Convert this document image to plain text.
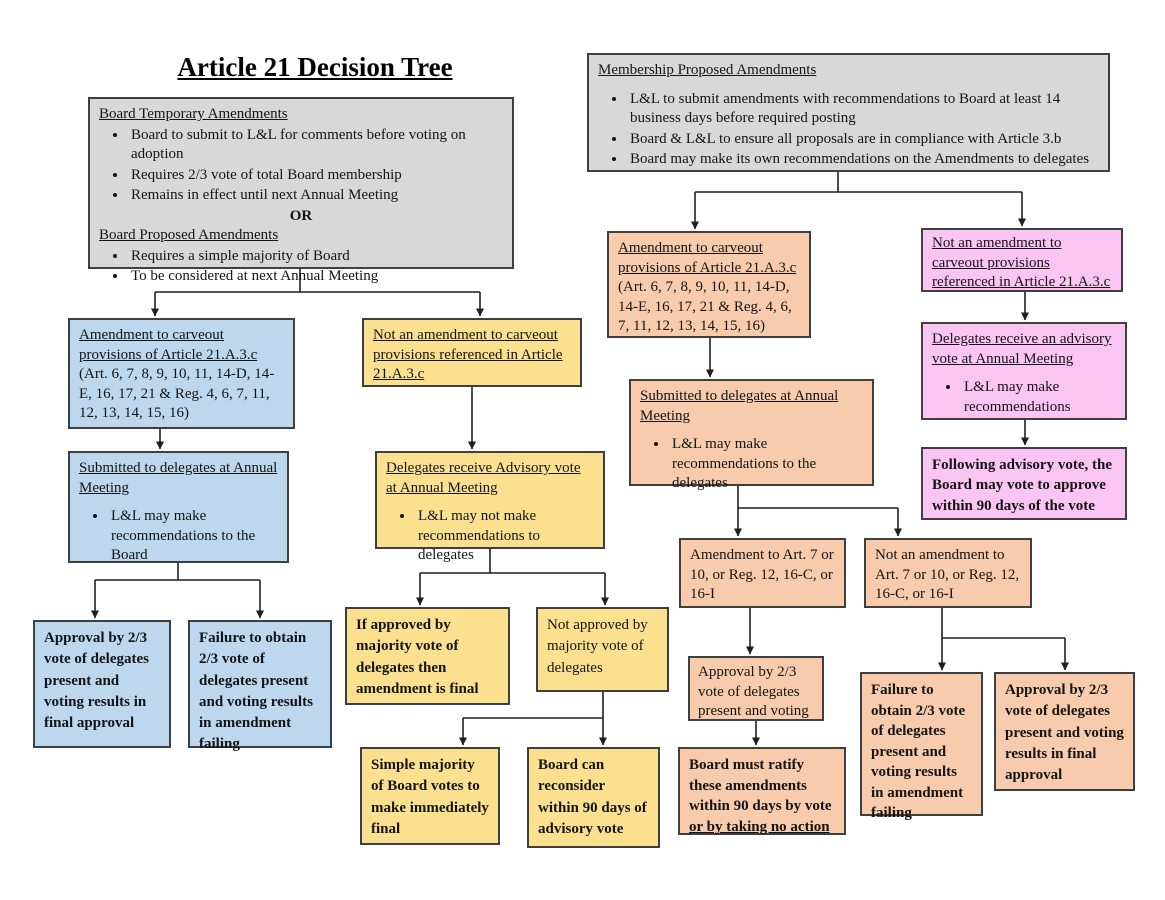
Article 21 Decision Tree
Board Temporary Amendments
• Board to submit to L&L for comments before voting on adoption
• Requires 2/3 vote of total Board membership
• Remains in effect until next Annual Meeting
OR
Board Proposed Amendments
• Requires a simple majority of Board
• To be considered at next Annual Meeting
Membership Proposed Amendments
• L&L to submit amendments with recommendations to Board at least 14 business days before required posting
• Board & L&L to ensure all proposals are in compliance with Article 3.b
• Board may make its own recommendations on the Amendments to delegates
Amendment to carveout provisions of Article 21.A.3.c (Art. 6, 7, 8, 9, 10, 11, 14-D, 14-E, 16, 17, 21 & Reg. 4, 6, 7, 11, 12, 13, 14, 15, 16)
Submitted to delegates at Annual Meeting
• L&L may make recommendations to the Board
Approval by 2/3 vote of delegates present and voting results in final approval
Failure to obtain 2/3 vote of delegates present and voting results in amendment failing
Not an amendment to carveout provisions referenced in Article 21.A.3.c
Delegates receive Advisory vote at Annual Meeting
• L&L may not make recommendations to delegates
If approved by majority vote of delegates then amendment is final
Not approved by majority vote of delegates
Simple majority of Board votes to make immediately final
Board can reconsider within 90 days of advisory vote
Amendment to carveout provisions of Article 21.A.3.c (Art. 6, 7, 8, 9, 10, 11, 14-D, 14-E, 16, 17, 21 & Reg. 4, 6, 7, 11, 12, 13, 14, 15, 16)
Submitted to delegates at Annual Meeting
• L&L may make recommendations to the delegates
Amendment to Art. 7 or 10, or Reg. 12, 16-C, or 16-I
Not an amendment to Art. 7 or 10, or Reg. 12, 16-C, or 16-I
Approval by 2/3 vote of delegates present and voting
Board must ratify these amendments within 90 days by vote or by taking no action
Failure to obtain 2/3 vote of delegates present and voting results in amendment failing
Approval by 2/3 vote of delegates present and voting results in final approval
Not an amendment to carveout provisions referenced in Article 21.A.3.c
Delegates receive an advisory vote at Annual Meeting
• L&L may make recommendations
Following advisory vote, the Board may vote to approve within 90 days of the vote
